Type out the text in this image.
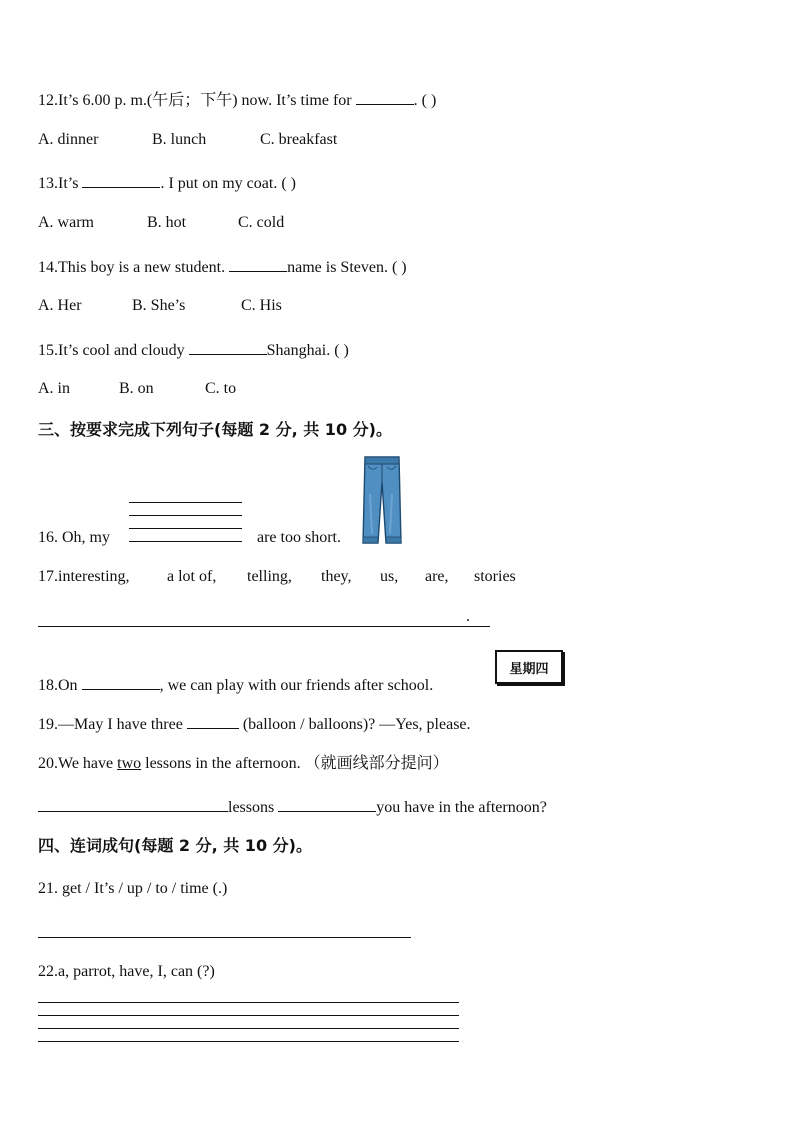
12.It’s 6.00 p. m.(午后；下午) now. It’s time for	. ( )
A. dinner	B. lunch	C. breakfast
13.It’s	. I put on my coat. ( )
A. warm	B. hot	C. cold
14.This boy is a new student.	name is Steven. ( )
A. Her	B. She’s	C. His
15.It’s cool and cloudy	Shanghai. ( )
A. in	B. on	C. to
三、按要求完成下列句子(每题 2 分, 共 10 分)。
16. Oh, my	are too short.
17.interesting, a lot of, telling, they, us, are, stories
.
18.On	, we can play with our friends after school.
星期四
19.—May I have three	(balloon / balloons)? —Yes, please.
20.We have two lessons in the afternoon. （就画线部分提问）
lessons	you have in the afternoon?
四、连词成句(每题 2 分, 共 10 分)。
21. get / It’s / up / to / time (.)
22.a, parrot, have, I, can (?)
